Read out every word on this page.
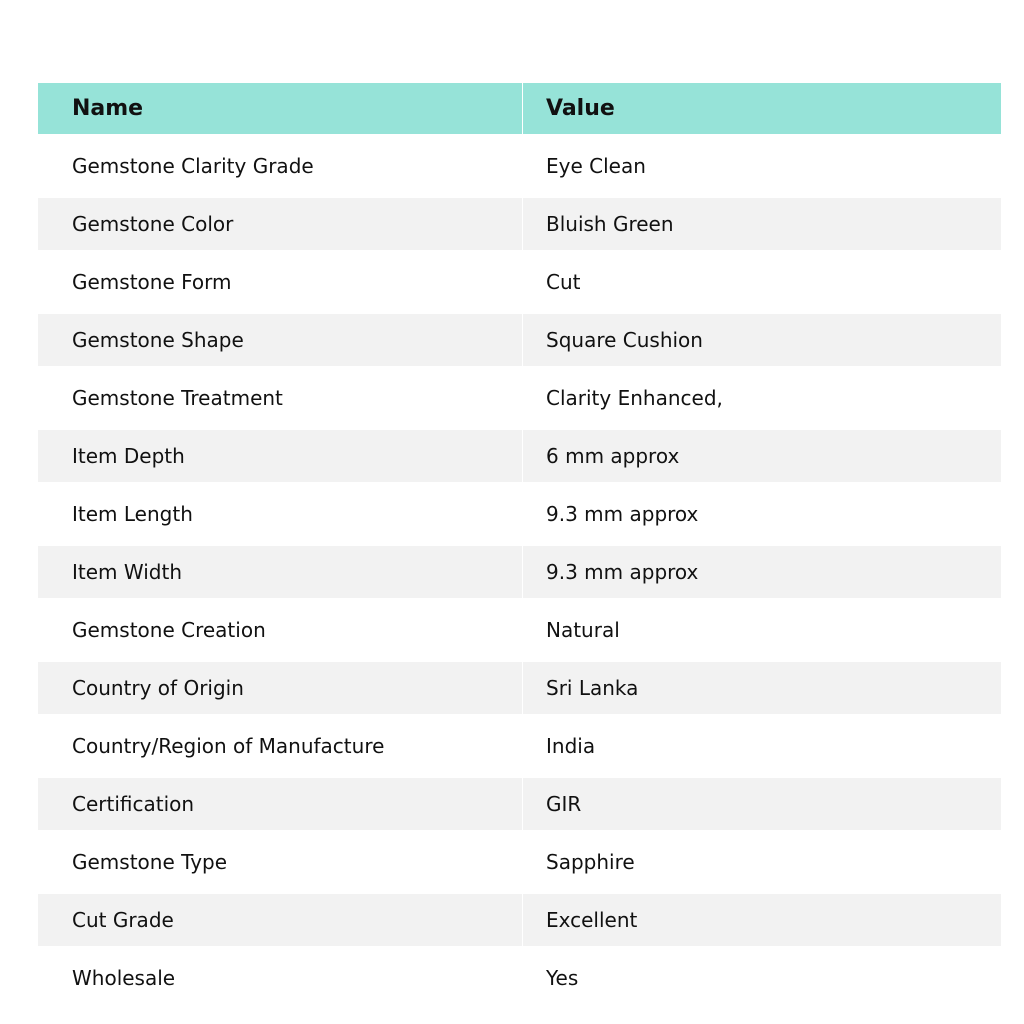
Name	Value
Gemstone Clarity Grade	Eye Clean
Gemstone Color	Bluish Green
Gemstone Form	Cut
Gemstone Shape	Square Cushion
Gemstone Treatment	Clarity Enhanced,
Item Depth	6 mm approx
Item Length	9.3 mm approx
Item Width	9.3 mm approx
Gemstone Creation	Natural
Country of Origin	Sri Lanka
Country/Region of Manufacture	India
Certification	GIR
Gemstone Type	Sapphire
Cut Grade	Excellent
Wholesale	Yes
